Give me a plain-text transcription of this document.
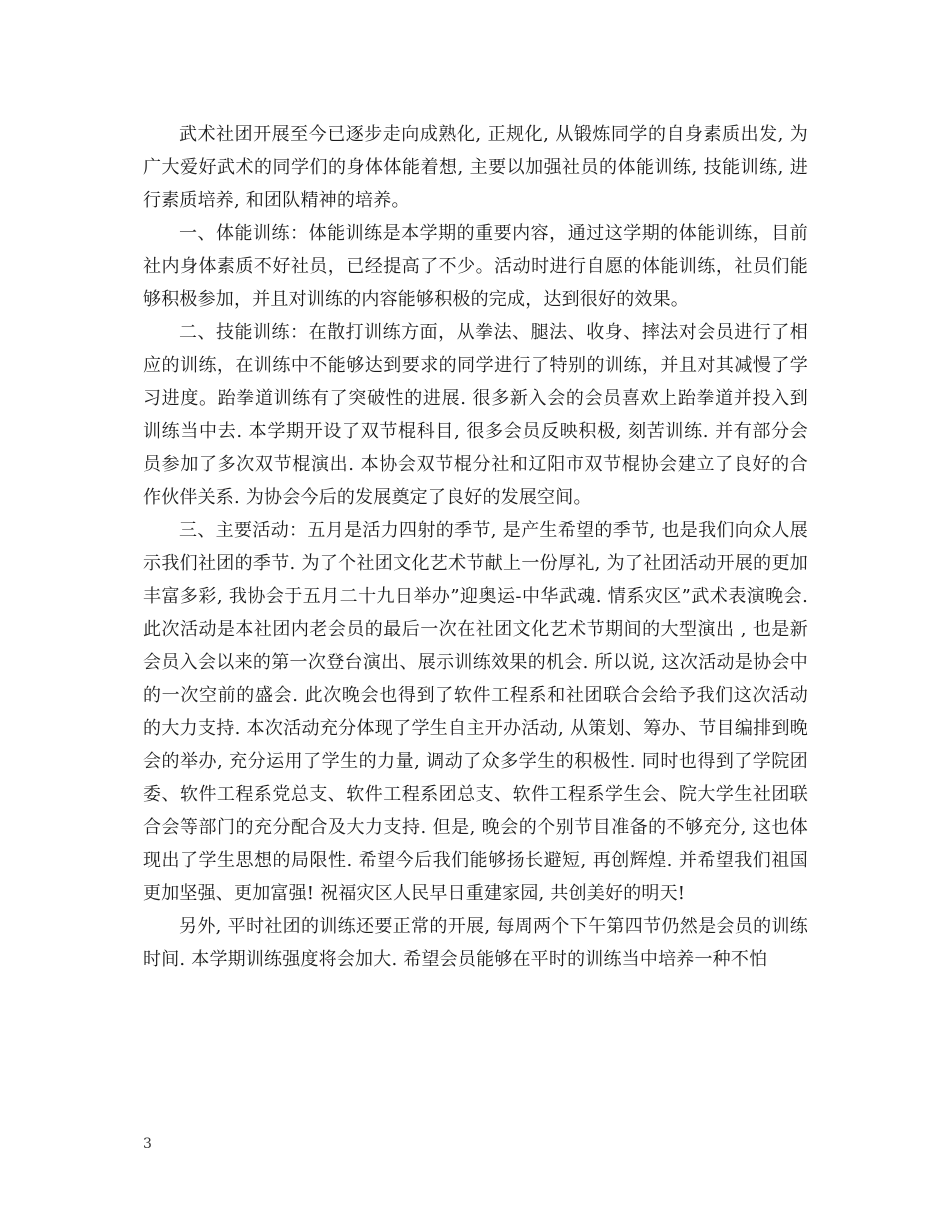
武术社团开展至今已逐步走向成熟化, 正规化, 从锻炼同学的自身素质出发, 为广大爱好武术的同学们的身体体能着想, 主要以加强社员的体能训练, 技能训练, 进行素质培养, 和团队精神的培养。

一、体能训练：体能训练是本学期的重要内容，通过这学期的体能训练，目前社内身体素质不好社员，已经提高了不少。活动时进行自愿的体能训练，社员们能够积极参加，并且对训练的内容能够积极的完成，达到很好的效果。

二、技能训练：在散打训练方面，从拳法、腿法、收身、摔法对会员进行了相应的训练，在训练中不能够达到要求的同学进行了特别的训练，并且对其减慢了学习进度。跆拳道训练有了突破性的进展. 很多新入会的会员喜欢上跆拳道并投入到训练当中去. 本学期开设了双节棍科目, 很多会员反映积极, 刻苦训练. 并有部分会员参加了多次双节棍演出. 本协会双节棍分社和辽阳市双节棍协会建立了良好的合作伙伴关系. 为协会今后的发展奠定了良好的发展空间。

三、主要活动：五月是活力四射的季节, 是产生希望的季节, 也是我们向众人展示我们社团的季节. 为了个社团文化艺术节献上一份厚礼, 为了社团活动开展的更加丰富多彩, 我协会于五月二十九日举办”迎奥运-中华武魂. 情系灾区”武术表演晚会. 此次活动是本社团内老会员的最后一次在社团文化艺术节期间的大型演出 , 也是新会员入会以来的第一次登台演出、展示训练效果的机会. 所以说, 这次活动是协会中的一次空前的盛会. 此次晚会也得到了软件工程系和社团联合会给予我们这次活动的大力支持. 本次活动充分体现了学生自主开办活动, 从策划、筹办、节目编排到晚会的举办, 充分运用了学生的力量, 调动了众多学生的积极性. 同时也得到了学院团委、软件工程系党总支、软件工程系团总支、软件工程系学生会、院大学生社团联合会等部门的充分配合及大力支持. 但是, 晚会的个别节目准备的不够充分, 这也体现出了学生思想的局限性. 希望今后我们能够扬长避短, 再创辉煌. 并希望我们祖国更加坚强、更加富强! 祝福灾区人民早日重建家园, 共创美好的明天!

另外, 平时社团的训练还要正常的开展, 每周两个下午第四节仍然是会员的训练时间. 本学期训练强度将会加大. 希望会员能够在平时的训练当中培养一种不怕

3
